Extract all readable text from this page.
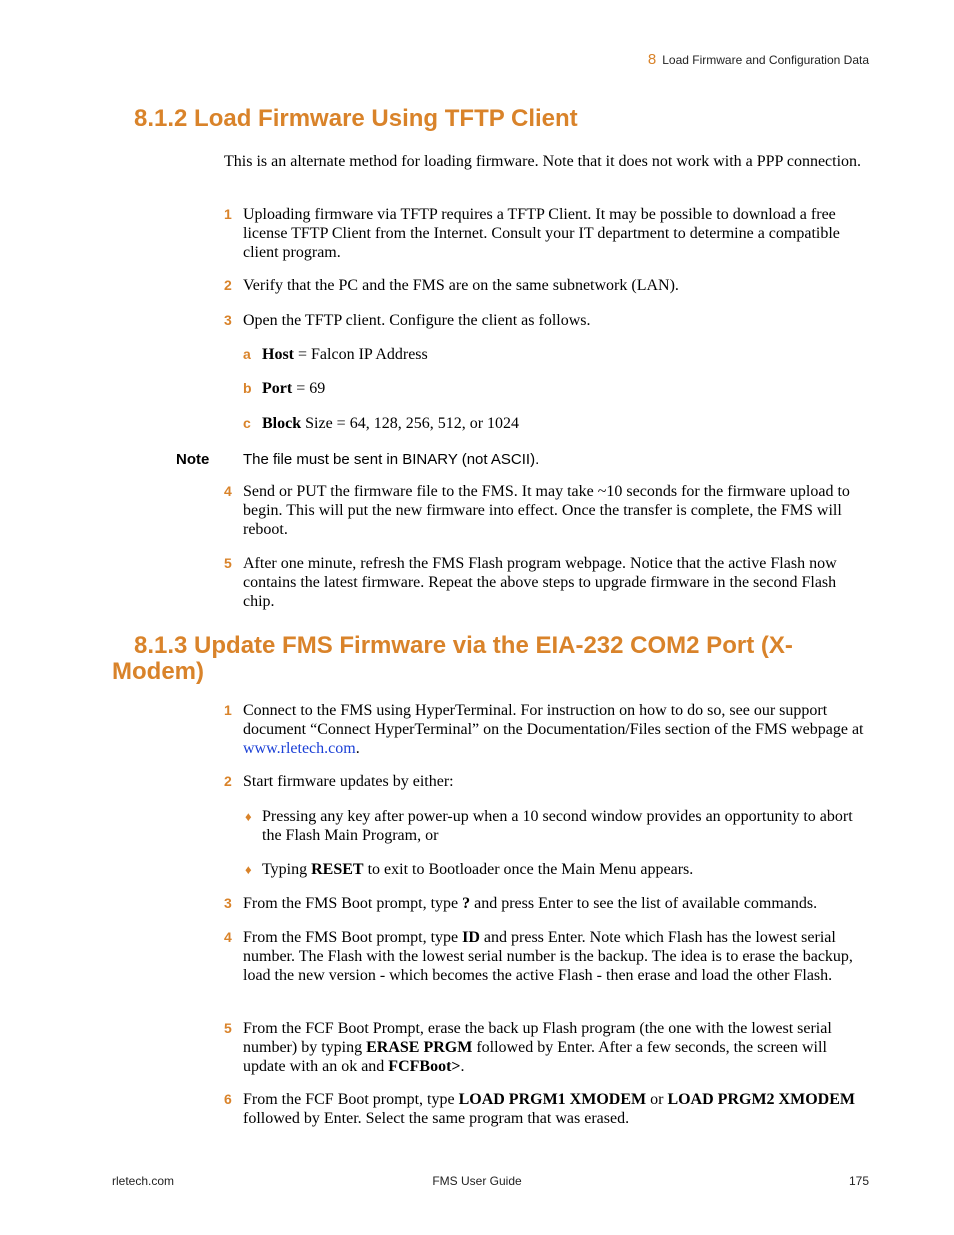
8 Load Firmware and Configuration Data
8.1.2 Load Firmware Using TFTP Client
This is an alternate method for loading firmware. Note that it does not work with a PPP connection.
1 Uploading firmware via TFTP requires a TFTP Client. It may be possible to download a free license TFTP Client from the Internet. Consult your IT department to determine a compatible client program.
2 Verify that the PC and the FMS are on the same subnetwork (LAN).
3 Open the TFTP client. Configure the client as follows.
a Host = Falcon IP Address
b Port = 69
c Block Size = 64, 128, 256, 512, or 1024
Note The file must be sent in BINARY (not ASCII).
4 Send or PUT the firmware file to the FMS. It may take ~10 seconds for the firmware upload to begin. This will put the new firmware into effect. Once the transfer is complete, the FMS will reboot.
5 After one minute, refresh the FMS Flash program webpage. Notice that the active Flash now contains the latest firmware. Repeat the above steps to upgrade firmware in the second Flash chip.
8.1.3 Update FMS Firmware via the EIA-232 COM2 Port (X-
Modem)
1 Connect to the FMS using HyperTerminal. For instruction on how to do so, see our support document “Connect HyperTerminal” on the Documentation/Files section of the FMS webpage at www.rletech.com.
2 Start firmware updates by either:
♦ Pressing any key after power-up when a 10 second window provides an opportunity to abort the Flash Main Program, or
♦ Typing RESET to exit to Bootloader once the Main Menu appears.
3 From the FMS Boot prompt, type ? and press Enter to see the list of available commands.
4 From the FMS Boot prompt, type ID and press Enter. Note which Flash has the lowest serial number. The Flash with the lowest serial number is the backup. The idea is to erase the backup, load the new version - which becomes the active Flash - then erase and load the other Flash.
5 From the FCF Boot Prompt, erase the back up Flash program (the one with the lowest serial number) by typing ERASE PRGM followed by Enter. After a few seconds, the screen will update with an ok and FCFBoot>.
6 From the FCF Boot prompt, type LOAD PRGM1 XMODEM or LOAD PRGM2 XMODEM followed by Enter. Select the same program that was erased.
rletech.com	FMS User Guide	175
